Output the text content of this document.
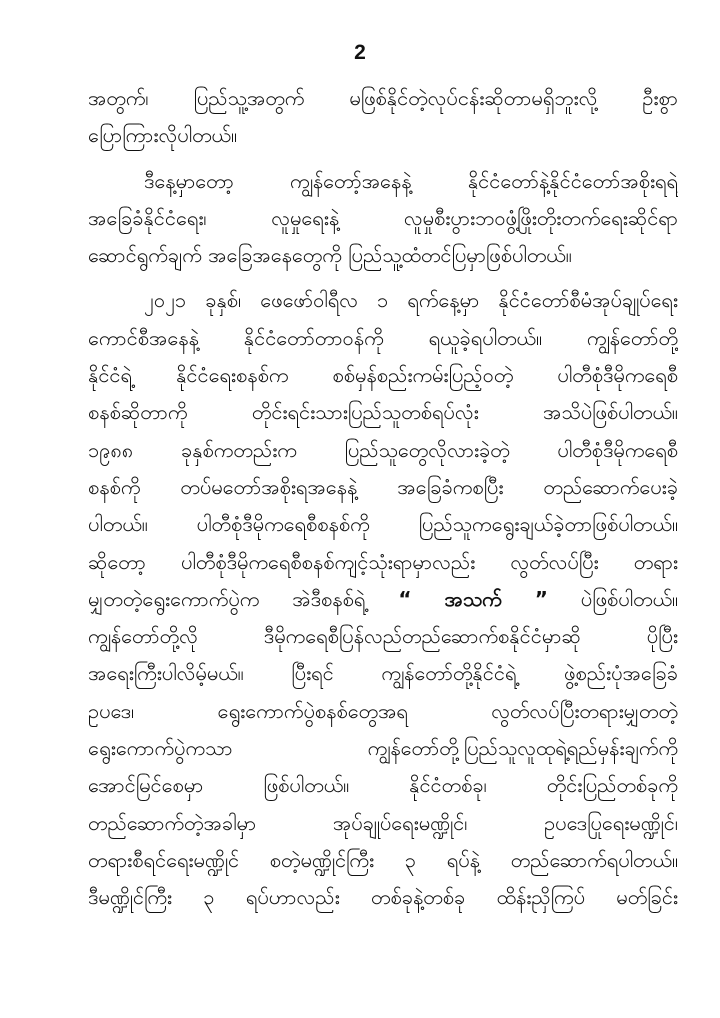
2
အတွက်၊ ပြည်သူ့အတွက် မဖြစ်နိုင်တဲ့လုပ်ငန်းဆိုတာမရှိဘူးလို့ ဦးစွာ
ပြောကြားလိုပါတယ်။
ဒီနေ့မှာတော့ ကျွန်တော့်အနေနဲ့ နိုင်ငံတော်နဲ့နိုင်ငံတော်အစိုးရရဲ့
အခြေခံနိုင်ငံရေး၊ လူမှုရေးနဲ့ လူမှုစီးပွားဘဝဖွံ့ဖြိုးတိုးတက်ရေးဆိုင်ရာ
ဆောင်ရွက်ချက် အခြေအနေတွေကို ပြည်သူ့ထံတင်ပြမှာဖြစ်ပါတယ်။
၂၀၂၁ ခုနှစ်၊ ဖေဖော်ဝါရီလ ၁ ရက်နေ့မှာ နိုင်ငံတော်စီမံအုပ်ချုပ်ရေး
ကောင်စီအနေနဲ့ နိုင်ငံတော်တာဝန်ကို ရယူခဲ့ရပါတယ်။ ကျွန်တော်တို့
နိုင်ငံရဲ့ နိုင်ငံရေးစနစ်က စစ်မှန်စည်းကမ်းပြည့်ဝတဲ့ ပါတီစုံဒီမိုကရေစီ
စနစ်ဆိုတာကို တိုင်းရင်းသားပြည်သူတစ်ရပ်လုံး အသိပဲဖြစ်ပါတယ်။
၁၉၈၈ ခုနှစ်ကတည်းက ပြည်သူတွေလိုလားခဲ့တဲ့ ပါတီစုံဒီမိုကရေစီ
စနစ်ကို တပ်မတော်အစိုးရအနေနဲ့ အခြေခံကစပြီး တည်ဆောက်ပေးခဲ့
ပါတယ်။ ပါတီစုံဒီမိုကရေစီစနစ်ကို ပြည်သူကရွေးချယ်ခဲ့တာဖြစ်ပါတယ်။
ဆိုတော့ ပါတီစုံဒီမိုကရေစီစနစ်ကျင့်သုံးရာမှာလည်း လွတ်လပ်ပြီး တရား
မျှတတဲ့ရွေးကောက်ပွဲက အဲဒီစနစ်ရဲ့ “ အသက် ” ပဲဖြစ်ပါတယ်။
ကျွန်တော်တို့လို ဒီမိုကရေစီပြန်လည်တည်ဆောက်စနိုင်ငံမှာဆို ပိုပြီး
အရေးကြီးပါလိမ့်မယ်။ ပြီးရင် ကျွန်တော်တို့နိုင်ငံရဲ့ ဖွဲ့စည်းပုံအခြေခံ
ဥပဒေ၊ ရွေးကောက်ပွဲစနစ်တွေအရ လွတ်လပ်ပြီးတရားမျှတတဲ့
ရွေးကောက်ပွဲကသာ ကျွန်တော်တို့ပြည်သူလူထုရဲ့ရည်မှန်းချက်ကို
အောင်မြင်စေမှာ ဖြစ်ပါတယ်။ နိုင်ငံတစ်ခု၊ တိုင်းပြည်တစ်ခုကို
တည်ဆောက်တဲ့အခါမှာ အုပ်ချုပ်ရေးမဏ္ဍိုင်၊ ဥပဒေပြုရေးမဏ္ဍိုင်၊
တရားစီရင်ရေးမဏ္ဍိုင် စတဲ့မဏ္ဍိုင်ကြီး ၃ ရပ်နဲ့ တည်ဆောက်ရပါတယ်။
ဒီမဏ္ဍိုင်ကြီး ၃ ရပ်ဟာလည်း တစ်ခုနဲ့တစ်ခု ထိန်းညှိကြပ် မတ်ခြင်း
